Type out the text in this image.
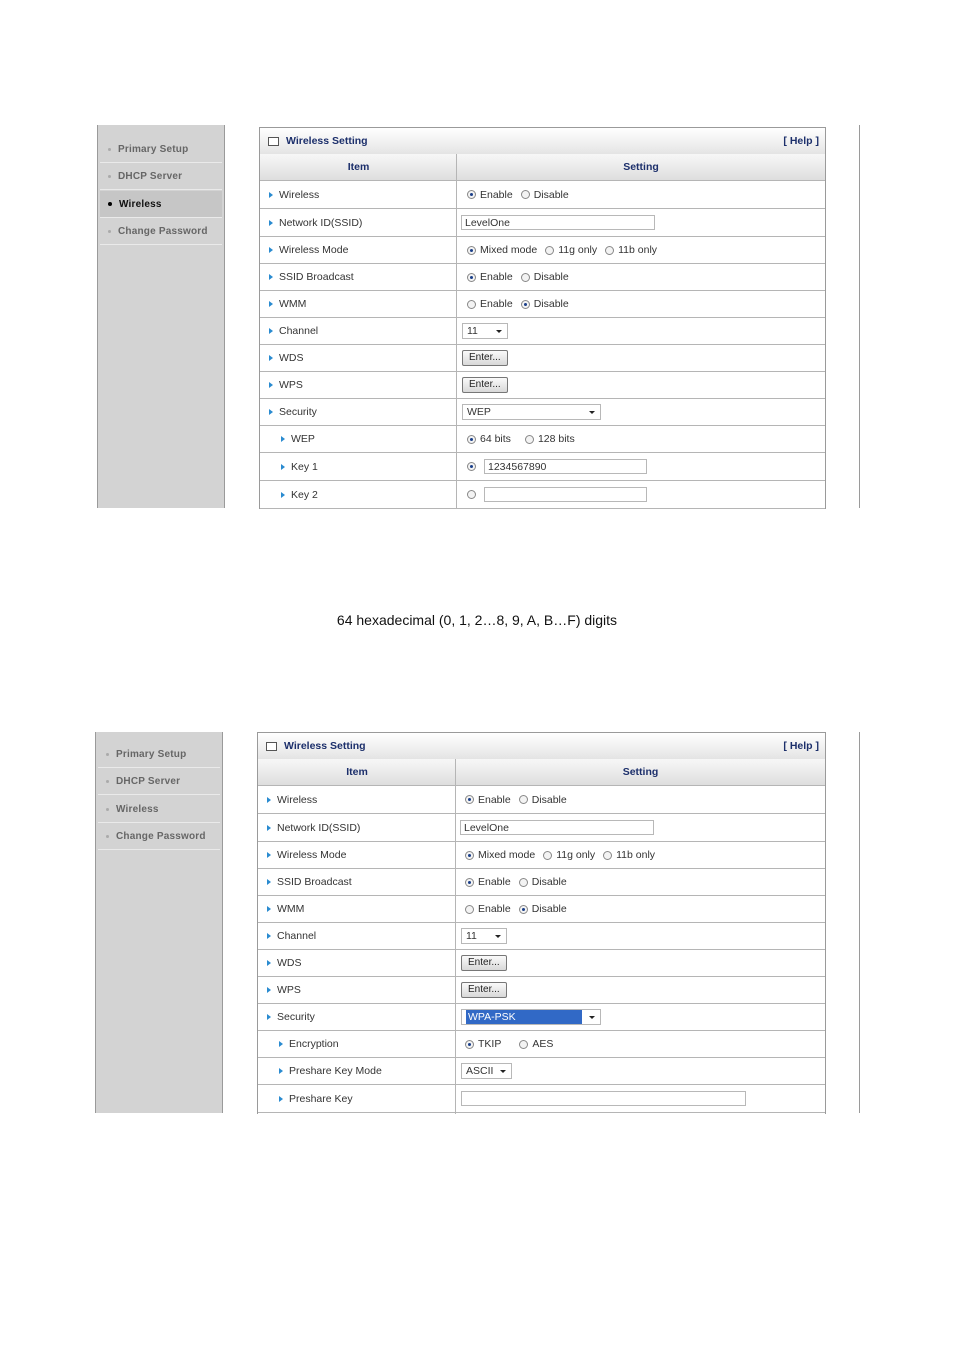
Primary Setup
DHCP Server
Wireless
Change Password
Wireless Setting	[ Help ]
Item	Setting
Wireless	Enable Disable
Network ID(SSID)	LevelOne
Wireless Mode	Mixed mode 11g only 11b only
SSID Broadcast	Enable Disable
WMM	Enable Disable
Channel	11
WDS	Enter...
WPS	Enter...
Security	WEP
WEP	64 bits	128 bits
Key 1	1234567890
Key 2
64 hexadecimal (0, 1, 2…8, 9, A, B…F) digits
Primary Setup
DHCP Server
Wireless
Change Password
Wireless Setting	[ Help ]
Item	Setting
Wireless	Enable Disable
Network ID(SSID)	LevelOne
Wireless Mode	Mixed mode 11g only 11b only
SSID Broadcast	Enable Disable
WMM	Enable Disable
Channel	11
WDS	Enter...
WPS	Enter...
Security	WPA-PSK
Encryption	TKIP	AES
Preshare Key Mode	ASCII
Preshare Key
